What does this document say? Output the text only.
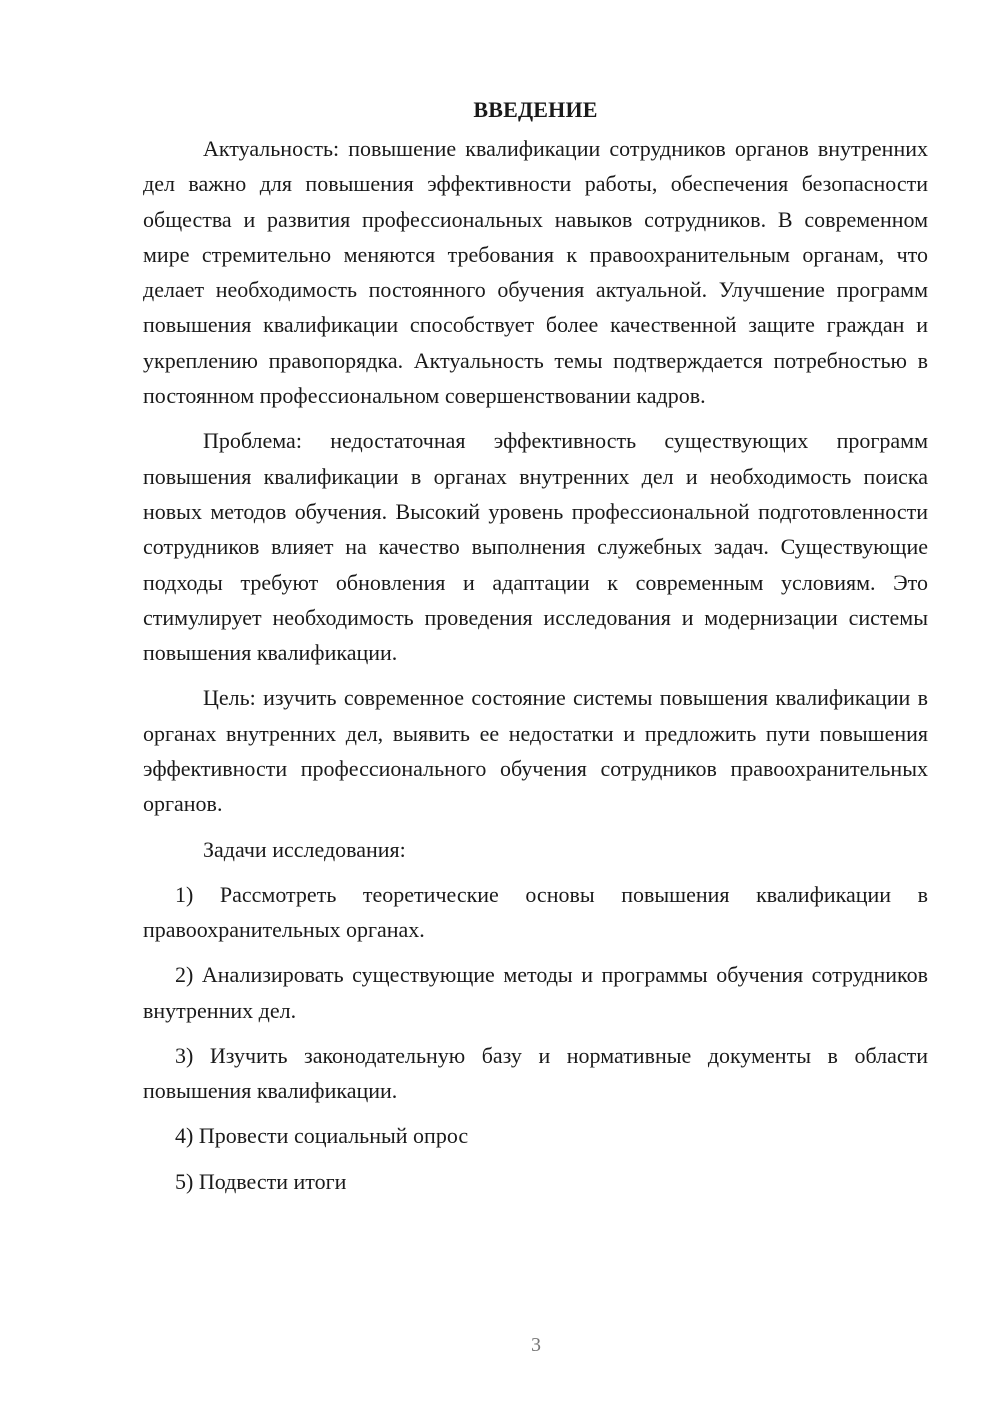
ВВЕДЕНИЕ

Актуальность: повышение квалификации сотрудников органов внутренних дел важно для повышения эффективности работы, обеспечения безопасности общества и развития профессиональных навыков сотрудников. В современном мире стремительно меняются требования к правоохранительным органам, что делает необходимость постоянного обучения актуальной. Улучшение программ повышения квалификации способствует более качественной защите граждан и укреплению правопорядка. Актуальность темы подтверждается потребностью в постоянном профессиональном совершенствовании кадров.

Проблема: недостаточная эффективность существующих программ повышения квалификации в органах внутренних дел и необходимость поиска новых методов обучения. Высокий уровень профессиональной подготовленности сотрудников влияет на качество выполнения служебных задач. Существующие подходы требуют обновления и адаптации к современным условиям. Это стимулирует необходимость проведения исследования и модернизации системы повышения квалификации.

Цель: изучить современное состояние системы повышения квалификации в органах внутренних дел, выявить ее недостатки и предложить пути повышения эффективности профессионального обучения сотрудников правоохранительных органов.

Задачи исследования:

1) Рассмотреть теоретические основы повышения квалификации в правоохранительных органах.

2) Анализировать существующие методы и программы обучения сотрудников внутренних дел.

3) Изучить законодательную базу и нормативные документы в области повышения квалификации.

4) Провести социальный опрос

5) Подвести итоги

3
